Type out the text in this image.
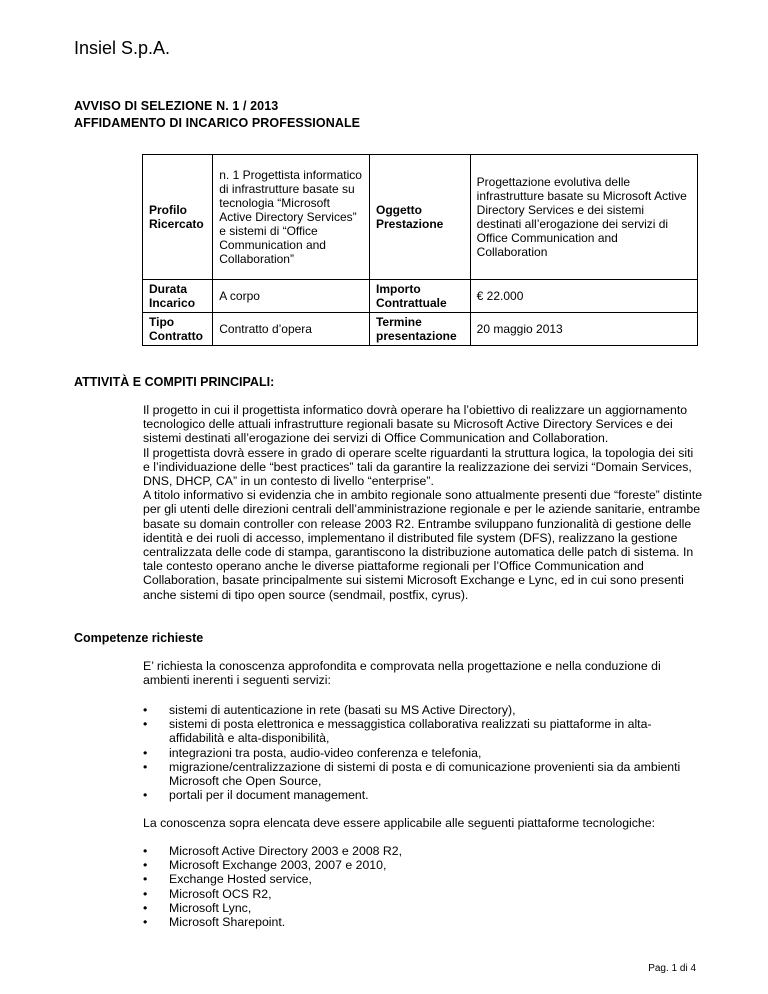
Insiel S.p.A.
AVVISO DI SELEZIONE N. 1 / 2013
AFFIDAMENTO DI INCARICO PROFESSIONALE
Profilo Ricercato	n. 1 Progettista informatico di infrastrutture basate su tecnologia “Microsoft Active Directory Services” e sistemi di “Office Communication and Collaboration”	Oggetto Prestazione	Progettazione evolutiva delle infrastrutture basate su Microsoft Active Directory Services e dei sistemi destinati all’erogazione dei servizi di Office Communication and Collaboration
Durata Incarico	A corpo	Importo Contrattuale	€ 22.000
Tipo Contratto	Contratto d’opera	Termine presentazione	20 maggio 2013
ATTIVITÀ E COMPITI PRINCIPALI:
Il progetto in cui il progettista informatico dovrà operare ha l’obiettivo di realizzare un aggiornamento tecnologico delle attuali infrastrutture regionali basate su Microsoft Active Directory Services e dei sistemi destinati all’erogazione dei servizi di Office Communication and Collaboration.
Il progettista dovrà essere in grado di operare scelte riguardanti la struttura logica, la topologia dei siti e l’individuazione delle “best practices” tali da garantire la realizzazione dei servizi “Domain Services, DNS, DHCP, CA” in un contesto di livello “enterprise”.
A titolo informativo si evidenzia che in ambito regionale sono attualmente presenti due “foreste” distinte per gli utenti delle direzioni centrali dell’amministrazione regionale e per le aziende sanitarie, entrambe basate su domain controller con release 2003 R2. Entrambe sviluppano funzionalità di gestione delle identità e dei ruoli di accesso, implementano il distributed file system (DFS), realizzano la gestione centralizzata delle code di stampa, garantiscono la distribuzione automatica delle patch di sistema. In tale contesto operano anche le diverse piattaforme regionali per l’Office Communication and Collaboration, basate principalmente sui sistemi Microsoft Exchange e Lync, ed in cui sono presenti anche sistemi di tipo open source (sendmail, postfix, cyrus).
Competenze richieste
E’ richiesta la conoscenza approfondita e comprovata nella progettazione e nella conduzione di ambienti inerenti i seguenti servizi:
• sistemi di autenticazione in rete (basati su MS Active Directory),
• sistemi di posta elettronica e messaggistica collaborativa realizzati su piattaforme in alta-affidabilità e alta-disponibilità,
• integrazioni tra posta, audio-video conferenza e telefonia,
• migrazione/centralizzazione di sistemi di posta e di comunicazione provenienti sia da ambienti Microsoft che Open Source,
• portali per il document management.
La conoscenza sopra elencata deve essere applicabile alle seguenti piattaforme tecnologiche:
• Microsoft Active Directory 2003 e 2008 R2,
• Microsoft Exchange 2003, 2007 e 2010,
• Exchange Hosted service,
• Microsoft OCS R2,
• Microsoft Lync,
• Microsoft Sharepoint.
Pag. 1 di 4
